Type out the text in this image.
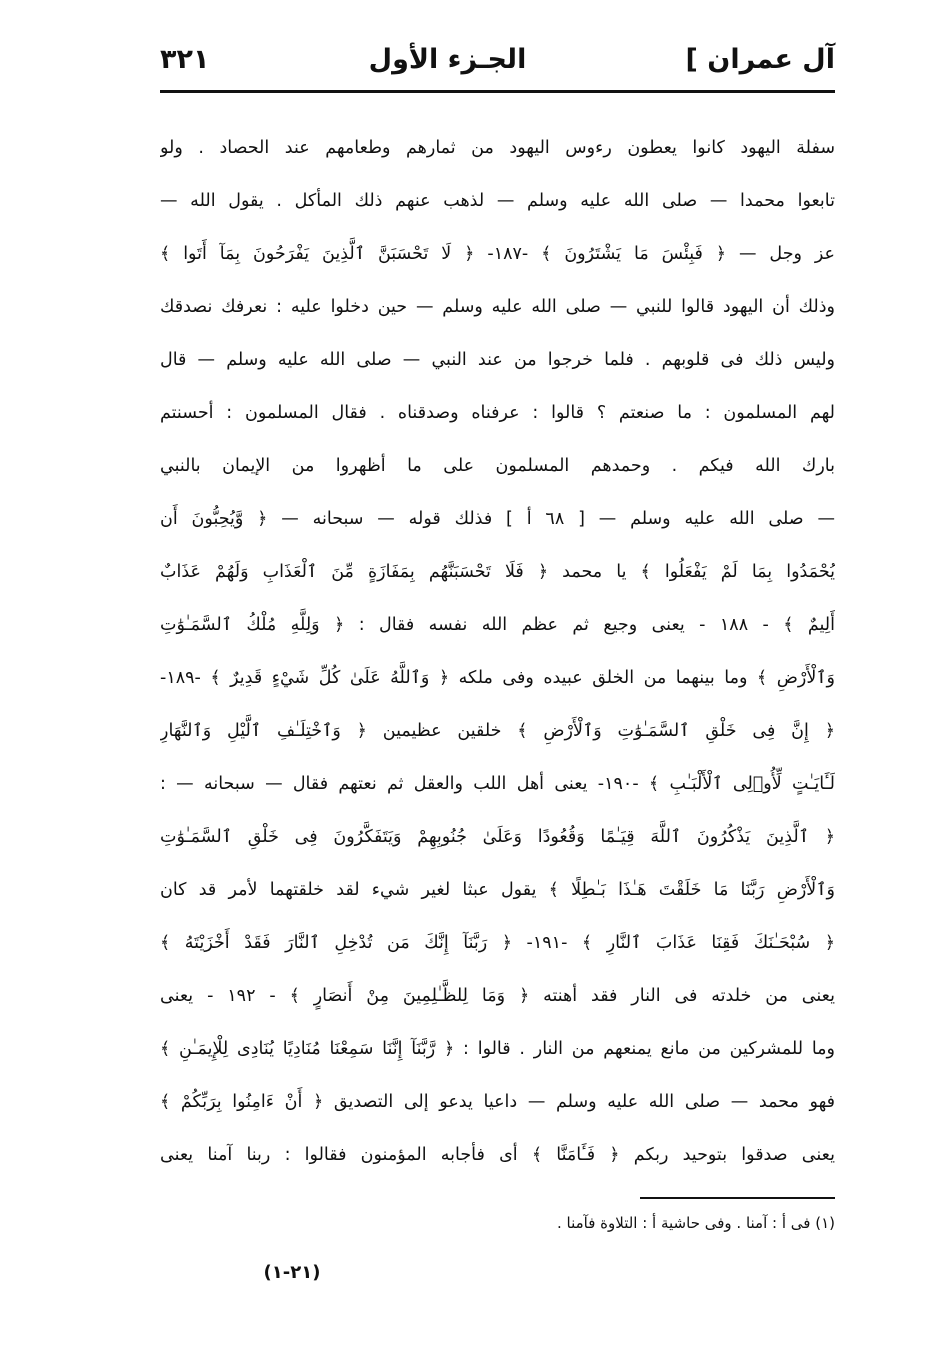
آل عمران ]
الجـزء الأول
٣٢١
سفلة اليهود كانوا يعطون رءوس اليهود من ثمارهم وطعامهم عند الحصاد . ولو
تابعوا محمدا — صلى الله عليه وسلم — لذهب عنهم ذلك المأكل . يقول الله —
عز وجل — ﴿ فَبِئْسَ مَا يَشْتَرُونَ ﴾ -١٨٧- ﴿ لَا تَحْسَبَنَّ ٱلَّذِينَ يَفْرَحُونَ بِمَآ أَتَوا ﴾
وذلك أن اليهود قالوا للنبي — صلى الله عليه وسلم — حين دخلوا عليه : نعرفك نصدقك
وليس ذلك فى قلوبهم . فلما خرجوا من عند النبي — صلى الله عليه وسلم — قال
لهم المسلمون : ما صنعتم ؟ قالوا : عرفناه وصدقناه . فقال المسلمون : أحسنتم
بارك الله فيكم . وحمدهم المسلمون على ما أظهروا من الإيمان بالنبي
— صلى الله عليه وسلم — [ ٦٨ أ ] فذلك قوله — سبحانه — ﴿ وَّيُحِبُّونَ أَن
يُحْمَدُوا بِمَا لَمْ يَفْعَلُوا ﴾ يا محمد ﴿ فَلَا تَحْسَبَنَّهُم بِمَفَازَةٍ مِّنَ ٱلْعَذَابِ وَلَهُمْ عَذَابٌ
أَلِيمٌ ﴾ - ١٨٨ - يعنى وجيع ثم عظم الله نفسه فقال : ﴿ وَلِلَّهِ مُلْكُ ٱلسَّمَـٰوَٰتِ
وَٱلْأَرْضِ ﴾ وما بينهما من الخلق عبيده وفى ملكه ﴿ وَٱللَّهُ عَلَىٰ كُلِّ شَيْءٍ قَدِيرٌ ﴾ -١٨٩-
﴿ إِنَّ فِى خَلْقِ ٱلسَّمَـٰوَٰتِ وَٱلْأَرْضِ ﴾ خلقين عظيمين ﴿ وَٱخْتِلَـٰفِ ٱلَّيْلِ وَٱلنَّهَارِ
لَـَٔايَـٰتٍ لِّأُو۟لِى ٱلْأَلْبَـٰبِ ﴾ -١٩٠- يعنى أهل اللب والعقل ثم نعتهم فقال — سبحانه — :
﴿ ٱلَّذِينَ يَذْكُرُونَ ٱللَّهَ قِيَـٰمًا وَقُعُودًا وَعَلَىٰ جُنُوبِهِمْ وَيَتَفَكَّرُونَ فِى خَلْقِ ٱلسَّمَـٰوَٰتِ
وَٱلْأَرْضِ رَبَّنَا مَا خَلَقْتَ هَـٰذَا بَـٰطِلًا ﴾ يقول عبثا لغير شيء لقد خلقتهما لأمر قد كان
﴿ سُبْحَـٰنَكَ فَقِنَا عَذَابَ ٱلنَّارِ ﴾ -١٩١- ﴿ رَبَّنَآ إِنَّكَ مَن تُدْخِلِ ٱلنَّارَ فَقَدْ أَخْزَيْتَهُ ﴾
يعنى من خلدته فى النار فقد أهنته ﴿ وَمَا لِلظَّـٰلِمِينَ مِنْ أَنصَارٍ ﴾ - ١٩٢ - يعنى
وما للمشركين من مانع يمنعهم من النار . قالوا : ﴿ رَّبَّنَآ إِنَّنَا سَمِعْنَا مُنَادِيًا يُنَادِى لِلْإِيمَـٰنِ ﴾
فهو محمد — صلى الله عليه وسلم — داعيا يدعو إلى التصديق ﴿ أَنْ ءَامِنُوا بِرَبِّكُمْ ﴾
يعنى صدقوا بتوحيد ربكم ﴿ فَـَٔامَنَّا ﴾ أى فأجابه المؤمنون فقالوا : ربنا آمنا يعنى
(١) فى أ : آمنا . وفى حاشية أ : التلاوة فآمنا .
(٢١-١)
